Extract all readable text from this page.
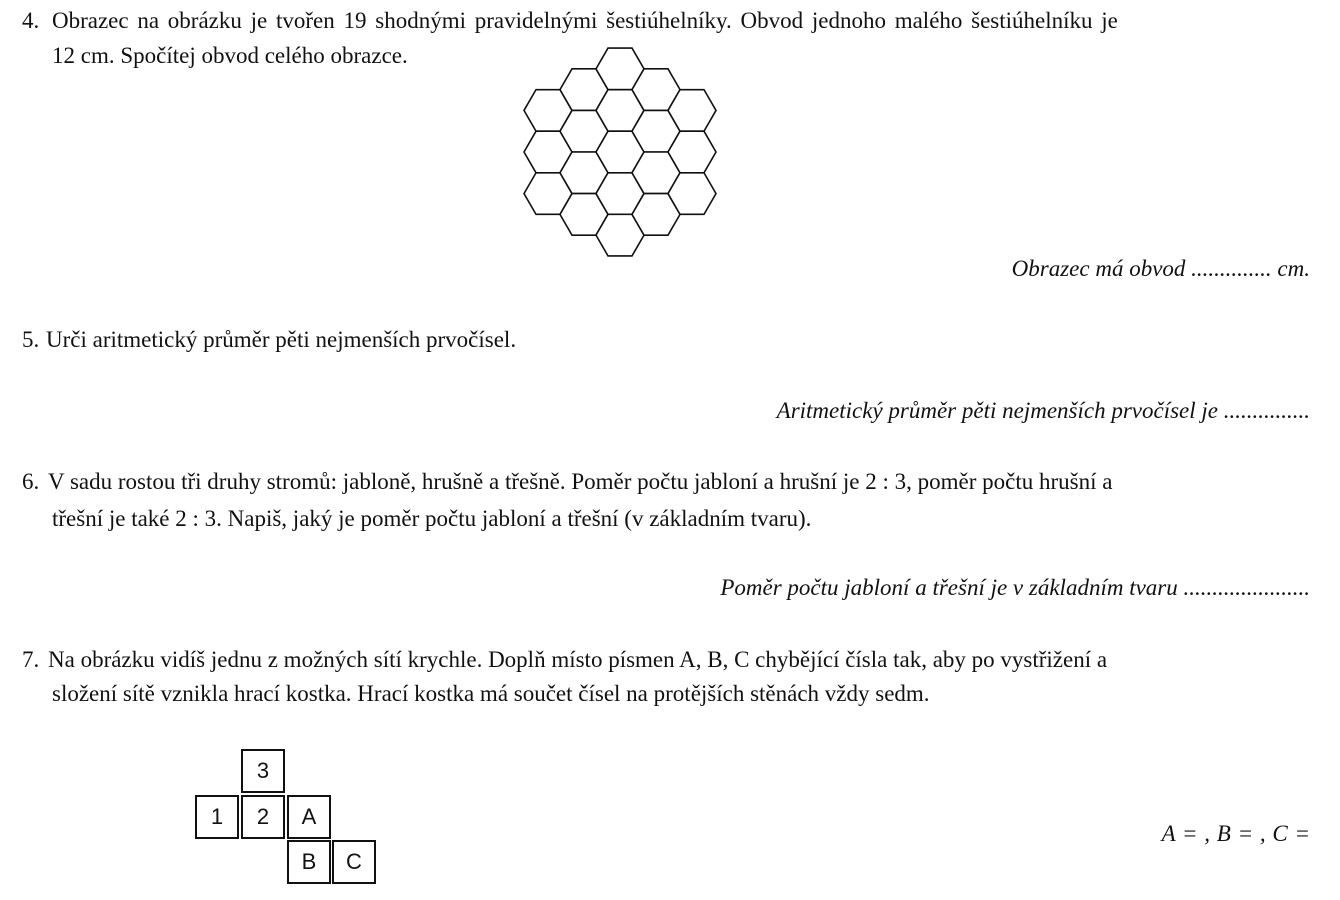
4. Obrazec na obrázku je tvořen 19 shodnými pravidelnými šestiúhelníky. Obvod jednoho malého šestiúhelníku je
12 cm. Spočítej obvod celého obrazce.
Obrazec má obvod .............. cm.
5. Urči aritmetický průměr pěti nejmenších prvočísel.
Aritmetický průměr pěti nejmenších prvočísel je ...............
6. V sadu rostou tři druhy stromů: jabloně, hrušně a třešně. Poměr počtu jabloní a hrušní je 2 : 3, poměr počtu hrušní a
třešní je také 2 : 3. Napiš, jaký je poměr počtu jabloní a třešní (v základním tvaru).
Poměr počtu jabloní a třešní je v základním tvaru ......................
7. Na obrázku vidíš jednu z možných sítí krychle. Doplň místo písmen A, B, C chybějící čísla tak, aby po vystřižení a
složení sítě vznikla hrací kostka. Hrací kostka má součet čísel na protějších stěnách vždy sedm.
3
1	2	A
B	C
A = , B = , C =
